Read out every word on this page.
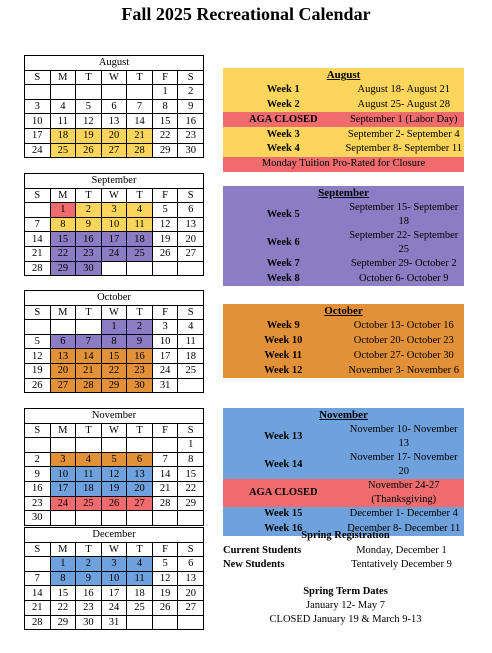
Fall 2025 Recreational Calendar
August						
S	M	T	W	T	F	S
					1	2
3	4	5	6	7	8	9
10	11	12	13	14	15	16
17	18	19	20	21	22	23
24	25	26	27	28	29	30
September						
S	M	T	W	T	F	S
	1	2	3	4	5	6
7	8	9	10	11	12	13
14	15	16	17	18	19	20
21	22	23	24	25	26	27
28	29	30				
October						
S	M	T	W	T	F	S
			1	2	3	4
5	6	7	8	9	10	11
12	13	14	15	16	17	18
19	20	21	22	23	24	25
26	27	28	29	30	31	
November						
S	M	T	W	T	F	S
						1
2	3	4	5	6	7	8
9	10	11	12	13	14	15
16	17	18	19	20	21	22
23	24	25	26	27	28	29
30						
December						
S	M	T	W	T	F	S
	1	2	3	4	5	6
7	8	9	10	11	12	13
14	15	16	17	18	19	20
21	22	23	24	25	26	27
28	29	30	31			
August	
Week 1	August 18- August 21
Week 2	August 25- August 28
AGA CLOSED	September 1 (Labor Day)
Week 3	September 2- September 4
Week 4	September 8- September 11
Monday Tuition Pro-Rated for Closure	
September	
Week 5	September 15- September 18
Week 6	September 22- September 25
Week 7	September 29- October 2
Week 8	October 6- October 9
October	
Week 9	October 13- October 16
Week 10	October 20- October 23
Week 11	October 27- October 30
Week 12	November 3- November 6
November	
Week 13	November 10- November 13
Week 14	November 17- November 20
AGA CLOSED	November 24-27 (Thanksgiving)
Week 15	December 1- December 4
Week 16	December 8- December 11
Spring Registration
Current Students	Monday, December 1
New Students	Tentatively December 9
Spring Term Dates
January 12- May 7
CLOSED January 19 & March 9-13
